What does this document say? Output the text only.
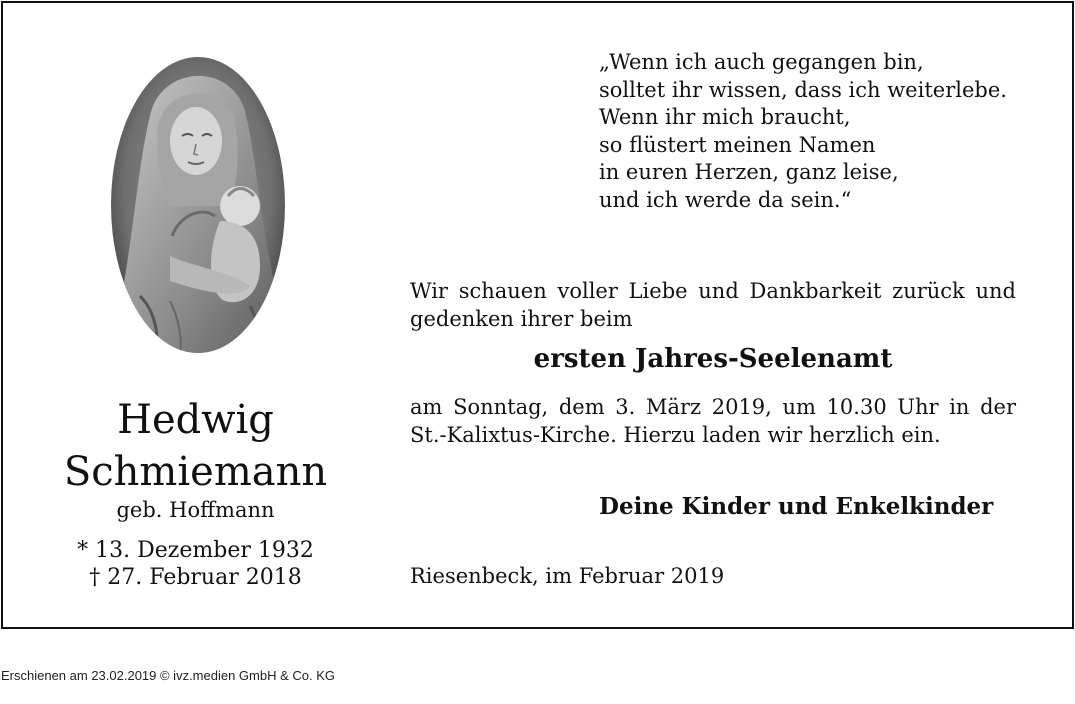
Hedwig
Schmiemann
geb. Hoffmann
* 13. Dezember 1932
† 27. Februar 2018
„Wenn ich auch gegangen bin,
solltet ihr wissen, dass ich weiterlebe.
Wenn ihr mich braucht,
so flüstert meinen Namen
in euren Herzen, ganz leise,
und ich werde da sein.“
Wir schauen voller Liebe und Dankbarkeit zurück und gedenken ihrer beim
ersten Jahres-Seelenamt
am Sonntag, dem 3. März 2019, um 10.30 Uhr in der St.-Kalixtus-Kirche. Hierzu laden wir herzlich ein.
Deine Kinder und Enkelkinder
Riesenbeck, im Februar 2019
Erschienen am 23.02.2019 © ivz.medien GmbH & Co. KG
